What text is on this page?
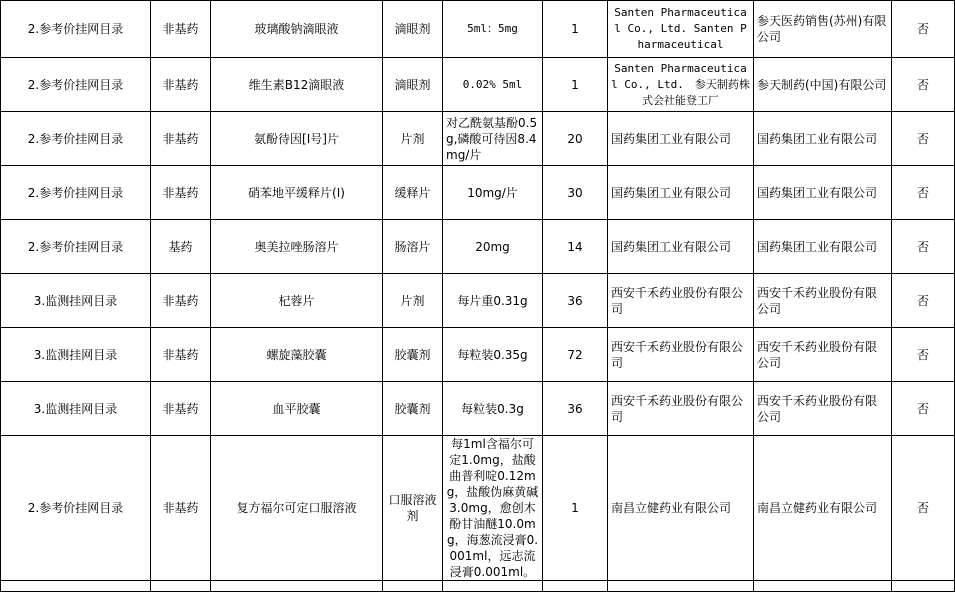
2.参考价挂网目录	非基药	玻璃酸钠滴眼液	滴眼剂	5ml：5mg	1	Santen Pharmaceutical Co., Ltd. Santen Pharmaceutical	参天医药销售(苏州)有限公司	否
2.参考价挂网目录	非基药	维生素B12滴眼液	滴眼剂	0.02% 5ml	1	Santen Pharmaceutical Co., Ltd.　参天制药株式会社能登工厂	参天制药(中国)有限公司	否
2.参考价挂网目录	非基药	氨酚待因[Ⅰ号]片	片剂	对乙酰氨基酚0.5g,磷酸可待因8.4mg/片	20	国药集团工业有限公司	国药集团工业有限公司	否
2.参考价挂网目录	非基药	硝苯地平缓释片(I)	缓释片	10mg/片	30	国药集团工业有限公司	国药集团工业有限公司	否
2.参考价挂网目录	基药	奥美拉唑肠溶片	肠溶片	20mg	14	国药集团工业有限公司	国药集团工业有限公司	否
3.监测挂网目录	非基药	杞蓉片	片剂	每片重0.31g	36	西安千禾药业股份有限公司	西安千禾药业股份有限公司	否
3.监测挂网目录	非基药	螺旋藻胶囊	胶囊剂	每粒装0.35g	72	西安千禾药业股份有限公司	西安千禾药业股份有限公司	否
3.监测挂网目录	非基药	血平胶囊	胶囊剂	每粒装0.3g	36	西安千禾药业股份有限公司	西安千禾药业股份有限公司	否
2.参考价挂网目录	非基药	复方福尔可定口服溶液	口服溶液剂	每1ml含福尔可定1.0mg，盐酸曲普利啶0.12mg，盐酸伪麻黄碱3.0mg，愈创木酚甘油醚10.0mg，海葱流浸膏0.001ml，远志流浸膏0.001ml。	1	南昌立健药业有限公司	南昌立健药业有限公司	否
